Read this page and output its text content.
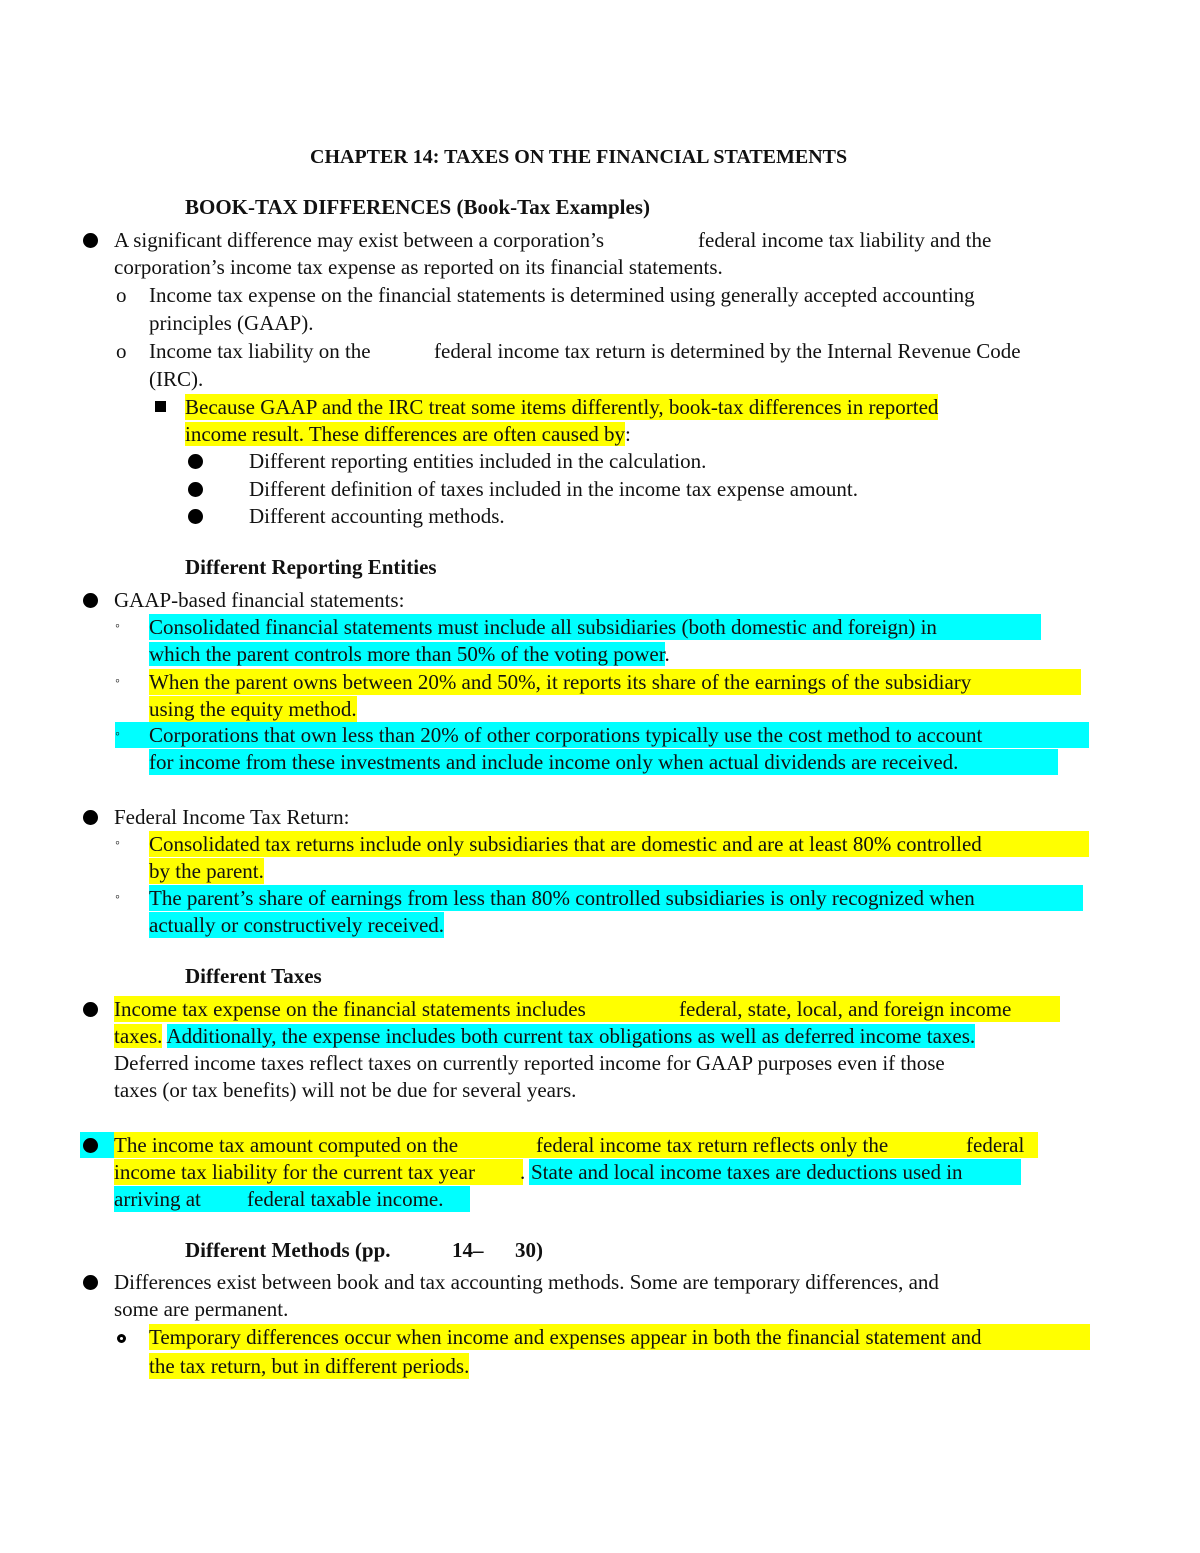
CHAPTER 14: TAXES ON THE FINANCIAL STATEMENTS
BOOK-TAX DIFFERENCES (Book-Tax Examples)
A significant difference may exist between a corporation’s	federal income tax liability and the
corporation’s income tax expense as reported on its financial statements.
o Income tax expense on the financial statements is determined using generally accepted accounting
principles (GAAP).
o Income tax liability on the	federal income tax return is determined by the Internal Revenue Code
(IRC).
Because GAAP and the IRC treat some items differently, book-tax differences in reported
income result. These differences are often caused by:
Different reporting entities included in the calculation.
Different definition of taxes included in the income tax expense amount.
Different accounting methods.
Different Reporting Entities
GAAP-based financial statements:
◦ Consolidated financial statements must include all subsidiaries (both domestic and foreign) in
which the parent controls more than 50% of the voting power.
◦ When the parent owns between 20% and 50%, it reports its share of the earnings of the subsidiary
using the equity method.
◦ Corporations that own less than 20% of other corporations typically use the cost method to account
for income from these investments and include income only when actual dividends are received.
Federal Income Tax Return:
◦ Consolidated tax returns include only subsidiaries that are domestic and are at least 80% controlled
by the parent.
◦ The parent’s share of earnings from less than 80% controlled subsidiaries is only recognized when
actually or constructively received.
Different Taxes
Income tax expense on the financial statements includes	federal, state, local, and foreign income
taxes. Additionally, the expense includes both current tax obligations as well as deferred income taxes.
Deferred income taxes reflect taxes on currently reported income for GAAP purposes even if those
taxes (or tax benefits) will not be due for several years.
The income tax amount computed on the	federal income tax return reflects only the	federal
income tax liability for the current tax year . State and local income taxes are deductions used in
arriving at federal taxable income.
Different Methods (pp.	14– 30)
Differences exist between book and tax accounting methods. Some are temporary differences, and
some are permanent.
Temporary differences occur when income and expenses appear in both the financial statement and
the tax return, but in different periods.
